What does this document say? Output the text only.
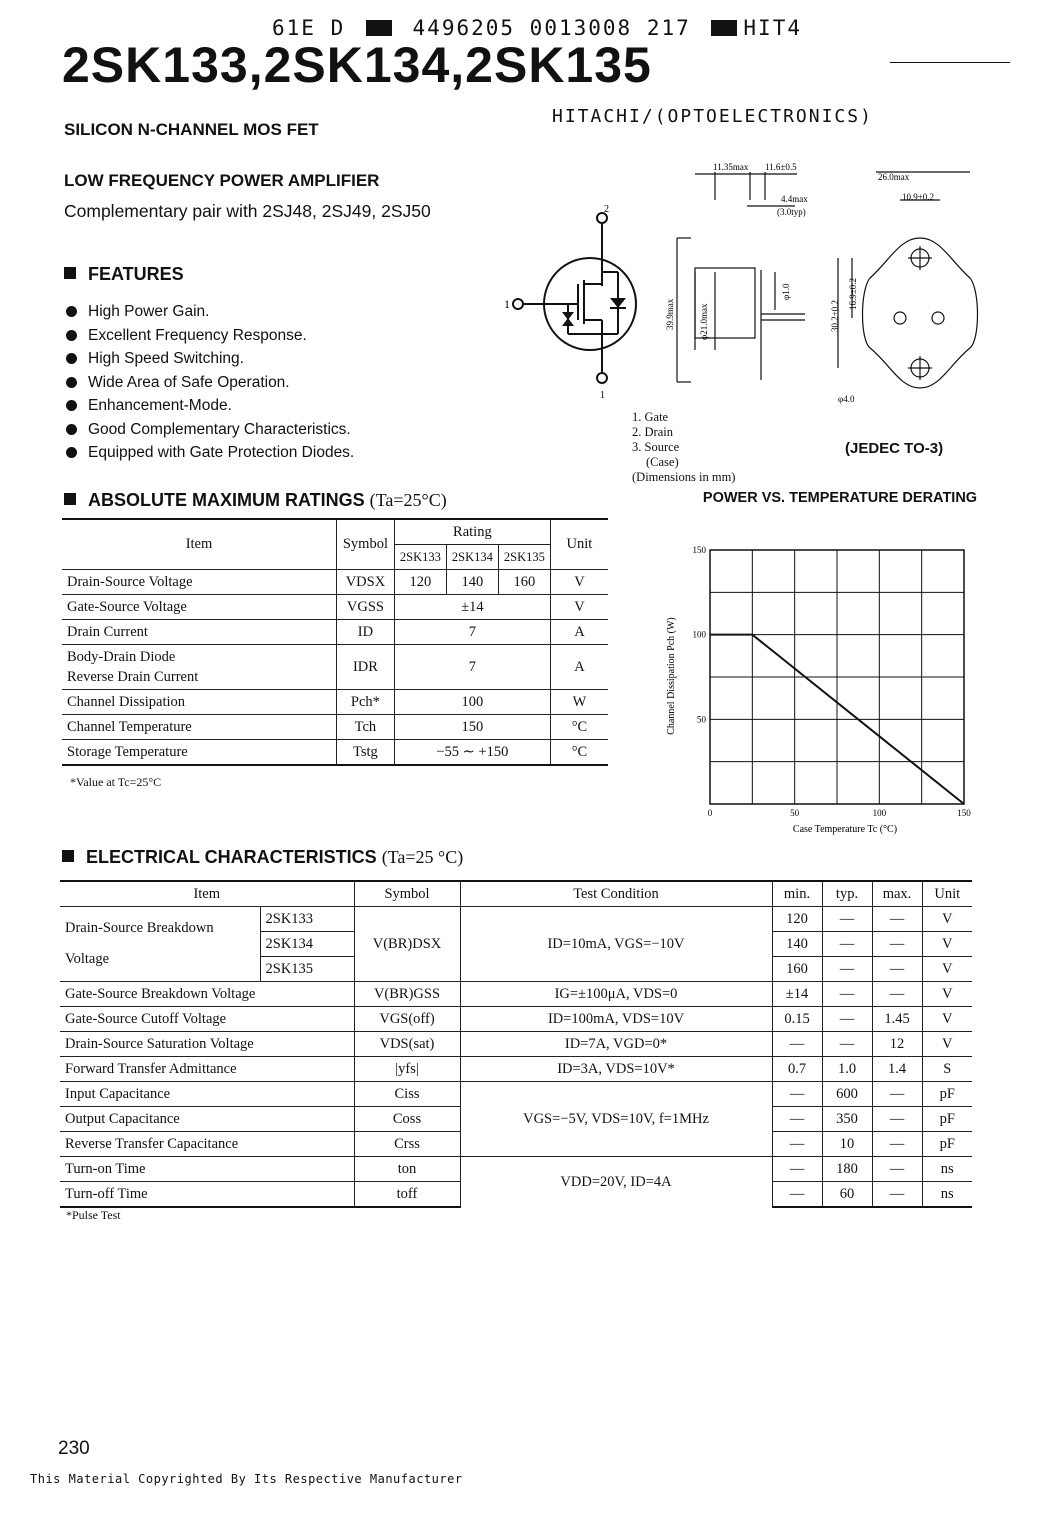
61E D	4496205 0013008 217	HIT4
2SK133,2SK134,2SK135
HITACHI/(OPTOELECTRONICS)
SILICON N-CHANNEL MOS FET
LOW FREQUENCY POWER AMPLIFIER
Complementary pair with 2SJ48, 2SJ49, 2SJ50
FEATURES
High Power Gain.
Excellent Frequency Response.
High Speed Switching.
Wide Area of Safe Operation.
Enhancement-Mode.
Good Complementary Characteristics.
Equipped with Gate Protection Diodes.
2
1
1
11.35max 11.6±0.5
4.4max
(3.0typ)
39.9max	φ21.0max
φ1.0
26.0max
10.9±0.2
16.9±0.2
30.2±0.2
φ4.0
1. Gate
2. Drain
3. Source
(Case)
(Dimensions in mm)
(JEDEC TO-3)
ABSOLUTE MAXIMUM RATINGS (Ta=25°C)
Item	Symbol	Rating			Unit
		2SK133	2SK134	2SK135	
Drain-Source Voltage	VDSX	120	140	160	V
Gate-Source Voltage	VGSS	±14			V
Drain Current	ID	7			A

Body-Drain Diode
Reverse Drain Current	IDR	7			A
Channel Dissipation	Pch*	100			W
Channel Temperature	Tch	150			°C
Storage Temperature	Tstg	−55 ∼ +150			°C
*Value at Tc=25°C
POWER VS. TEMPERATURE DERATING
0	50	100	150
50
100
150
Case Temperature Tc (°C)
Channel Dissipation Pch (W)
ELECTRICAL CHARACTERISTICS (Ta=25 °C)
Item		Symbol	Test Condition	min.	typ.	max.	Unit

Drain-Source Breakdown
Voltage	2SK133	V(BR)DSX	ID=10mA, VGS=−10V	120	—	—	V
	2SK134			140	—	—	V
	2SK135			160	—	—	V
Gate-Source Breakdown Voltage		V(BR)GSS	IG=±100μA, VDS=0	±14	—	—	V
Gate-Source Cutoff Voltage		VGS(off)	ID=100mA, VDS=10V	0.15	—	1.45	V
Drain-Source Saturation Voltage		VDS(sat)	ID=7A, VGD=0*	—	—	12	V
Forward Transfer Admittance		|yfs|	ID=3A, VDS=10V*	0.7	1.0	1.4	S
Input Capacitance		Ciss	VGS=−5V, VDS=10V, f=1MHz	—	600	—	pF
Output Capacitance		Coss		—	350	—	pF
Reverse Transfer Capacitance		Crss		—	10	—	pF
Turn-on Time		ton	VDD=20V, ID=4A	—	180	—	ns
Turn-off Time		toff		—	60	—	ns
*Pulse Test
230
This Material Copyrighted By Its Respective Manufacturer
